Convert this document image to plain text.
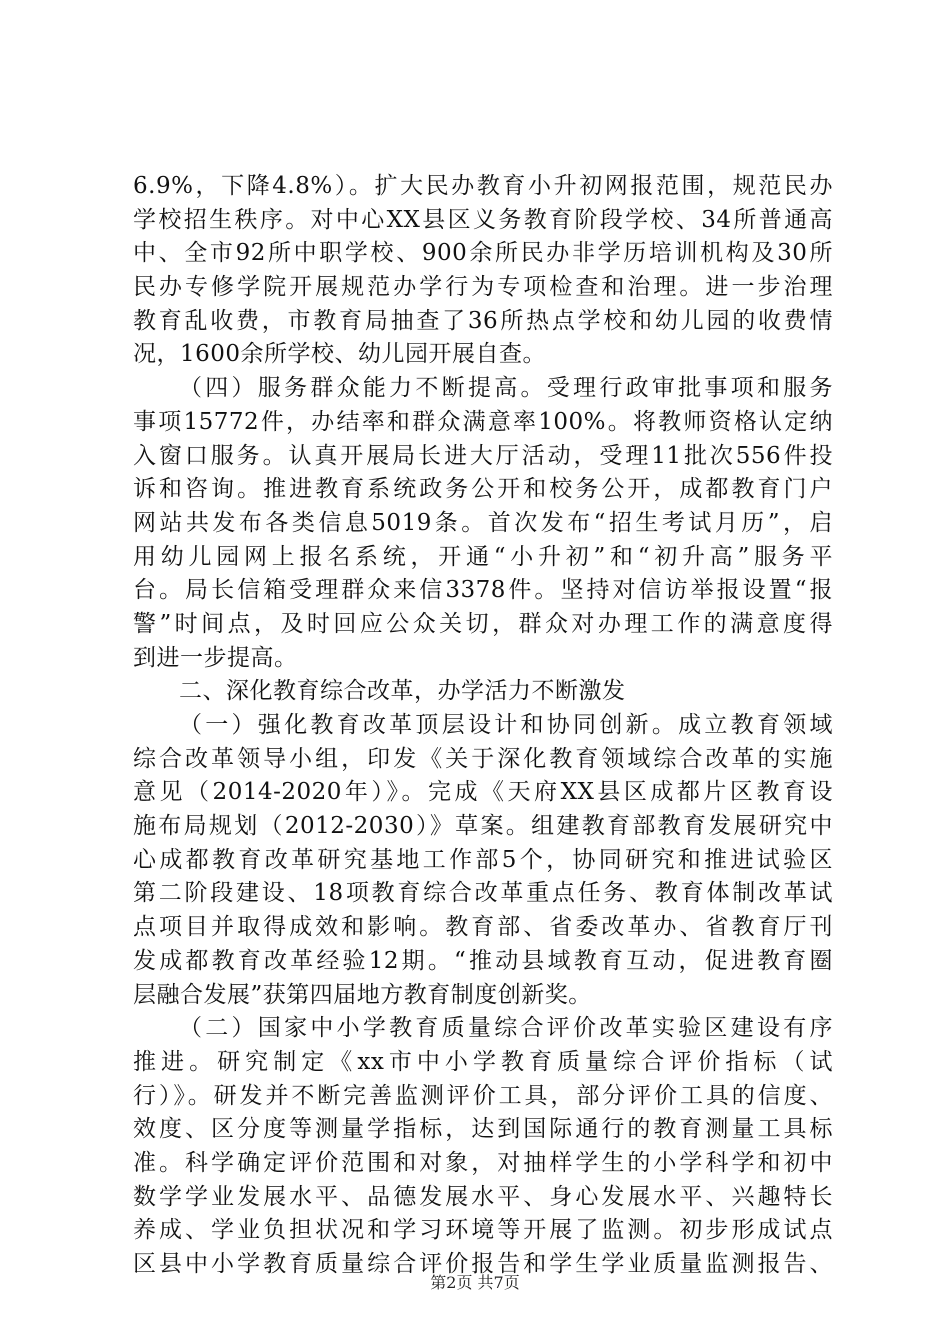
6.9%，下降4.8%）。扩大民办教育小升初网报范围，规范民办
学校招生秩序。对中心XX县区义务教育阶段学校、34所普通高
中、全市92所中职学校、900余所民办非学历培训机构及30所
民办专修学院开展规范办学行为专项检查和治理。进一步治理
教育乱收费，市教育局抽查了36所热点学校和幼儿园的收费情
况，1600余所学校、幼儿园开展自查。
（四）服务群众能力不断提高。受理行政审批事项和服务
事项15772件，办结率和群众满意率100%。将教师资格认定纳
入窗口服务。认真开展局长进大厅活动，受理11批次556件投
诉和咨询。推进教育系统政务公开和校务公开，成都教育门户
网站共发布各类信息5019条。首次发布“招生考试月历”，启
用幼儿园网上报名系统，开通“小升初”和“初升高”服务平
台。局长信箱受理群众来信3378件。坚持对信访举报设置“报
警”时间点，及时回应公众关切，群众对办理工作的满意度得
到进一步提高。
二、深化教育综合改革，办学活力不断激发
（一）强化教育改革顶层设计和协同创新。成立教育领域
综合改革领导小组，印发《关于深化教育领域综合改革的实施
意见（2014-2020年）》。完成《天府XX县区成都片区教育设
施布局规划（2012-2030）》草案。组建教育部教育发展研究中
心成都教育改革研究基地工作部5个，协同研究和推进试验区
第二阶段建设、18项教育综合改革重点任务、教育体制改革试
点项目并取得成效和影响。教育部、省委改革办、省教育厅刊
发成都教育改革经验12期。“推动县域教育互动，促进教育圈
层融合发展”获第四届地方教育制度创新奖。
（二）国家中小学教育质量综合评价改革实验区建设有序
推进。研究制定《xx市中小学教育质量综合评价指标（试
行）》。研发并不断完善监测评价工具，部分评价工具的信度、
效度、区分度等测量学指标，达到国际通行的教育测量工具标
准。科学确定评价范围和对象，对抽样学生的小学科学和初中
数学学业发展水平、品德发展水平、身心发展水平、兴趣特长
养成、学业负担状况和学习环境等开展了监测。初步形成试点
区县中小学教育质量综合评价报告和学生学业质量监测报告、
第2页 共7页
